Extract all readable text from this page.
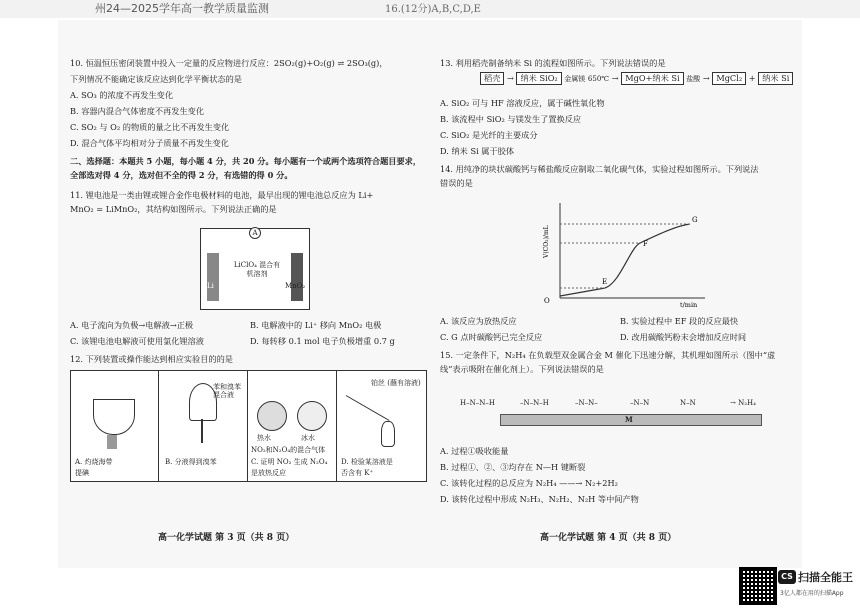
州24—2025学年高一教学质量监测	16.(12分)A,B,C,D,E
10. 恒温恒压密闭装置中投入一定量的反应物进行反应：2SO₂(g)+O₂(g) ⇌ 2SO₃(g)，
下列情况不能确定该反应达到化学平衡状态的是
A. SO₃ 的浓度不再发生变化
B. 容器内混合气体密度不再发生变化
C. SO₂ 与 O₂ 的物质的量之比不再发生变化
D. 混合气体平均相对分子质量不再发生变化
二、选择题：本题共 5 小题，每小题 4 分，共 20 分。每小题有一个或两个选项符合题目要求，
全部选对得 4 分，选对但不全的得 2 分，有选错的得 0 分。
11. 锂电池是一类由锂或锂合金作电极材料的电池，最早出现的锂电池总反应为 Li+
MnO₂ = LiMnO₂，其结构如图所示。下列说法正确的是
A
Li	MnO₂
LiClO₄ 混合有机溶剂
A. 电子流向为负极→电解液→正极	B. 电解液中的 Li⁺ 移向 MnO₂ 电极
C. 该锂电池电解液可使用氯化锂溶液	D. 每转移 0.1 mol 电子负极增重 0.7 g
12. 下列装置或操作能达到相应实验目的的是
苯和溴苯混合液
热水	冰水
NO₂和N₂O₄的混合气体
铂丝 (蘸有溶液)
A. 灼烧海带
提碘
B. 分液得到溴苯	C. 证明 NO₂ 生成 N₂O₄
是放热反应
D. 检验某溶液是
否含有 K⁺
高一化学试题 第 3 页（共 8 页）
13. 利用稻壳制备纳米 Si 的流程如图所示。下列说法错误的是
稻壳 → 纳米 SiO₂ 金属镁 650℃ → MgO+纳米 Si 盐酸 → MgCl₂ + 纳米 Si
A. SiO₂ 可与 HF 溶液反应，属于碱性氧化物
B. 该流程中 SiO₂ 与镁发生了置换反应
C. SiO₂ 是光纤的主要成分
D. 纳米 Si 属于胶体
14. 用纯净的块状碳酸钙与稀盐酸反应制取二氧化碳气体，实验过程如图所示。下列说法
错误的是
O	t/min
V(CO₂)/mL
E
F
G
A. 该反应为放热反应	B. 实验过程中 EF 段的反应最快
C. G 点时碳酸钙已完全反应	D. 改用碳酸钙粉末会增加反应时间
15. 一定条件下，N₂H₄ 在负载型双金属合金 M 催化下迅速分解，其机理如图所示（图中“虚
线”表示吸附在催化剂上）。下列说法错误的是
H–N–N–H	–N–N–H	–N–N–	–N–N	N–N	→ N₂H₄
M
A. 过程①吸收能量
B. 过程①、②、③均存在 N—H 键断裂
C. 该转化过程的总反应为 N₂H₄ ——→ N₂+2H₂
D. 该转化过程中形成 N₂H₃、N₂H₂、N₂H 等中间产物
高一化学试题 第 4 页（共 8 页）
CS 扫描全能王
3亿人都在用的扫描App
